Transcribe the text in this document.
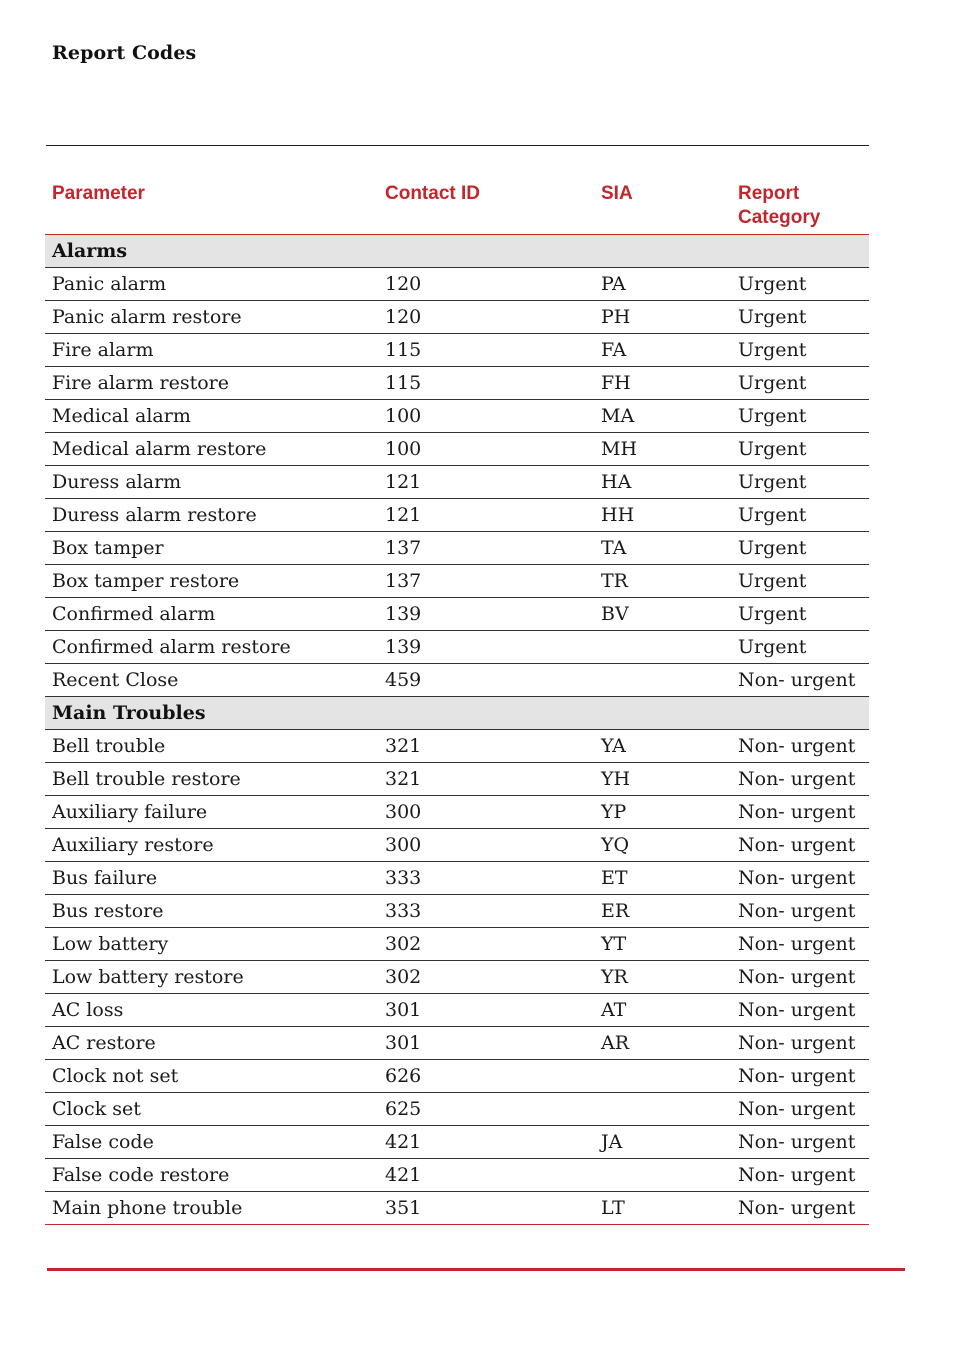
Report Codes
Parameter	Contact ID	SIA	Report Category
Alarms			
Panic alarm	120	PA	Urgent
Panic alarm restore	120	PH	Urgent
Fire alarm	115	FA	Urgent
Fire alarm restore	115	FH	Urgent
Medical alarm	100	MA	Urgent
Medical alarm restore	100	MH	Urgent
Duress alarm	121	HA	Urgent
Duress alarm restore	121	HH	Urgent
Box tamper	137	TA	Urgent
Box tamper restore	137	TR	Urgent
Confirmed alarm	139	BV	Urgent
Confirmed alarm restore	139		Urgent
Recent Close	459		Non- urgent
Main Troubles			
Bell trouble	321	YA	Non- urgent
Bell trouble restore	321	YH	Non- urgent
Auxiliary failure	300	YP	Non- urgent
Auxiliary restore	300	YQ	Non- urgent
Bus failure	333	ET	Non- urgent
Bus restore	333	ER	Non- urgent
Low battery	302	YT	Non- urgent
Low battery restore	302	YR	Non- urgent
AC loss	301	AT	Non- urgent
AC restore	301	AR	Non- urgent
Clock not set	626		Non- urgent
Clock set	625		Non- urgent
False code	421	JA	Non- urgent
False code restore	421		Non- urgent
Main phone trouble	351	LT	Non- urgent
